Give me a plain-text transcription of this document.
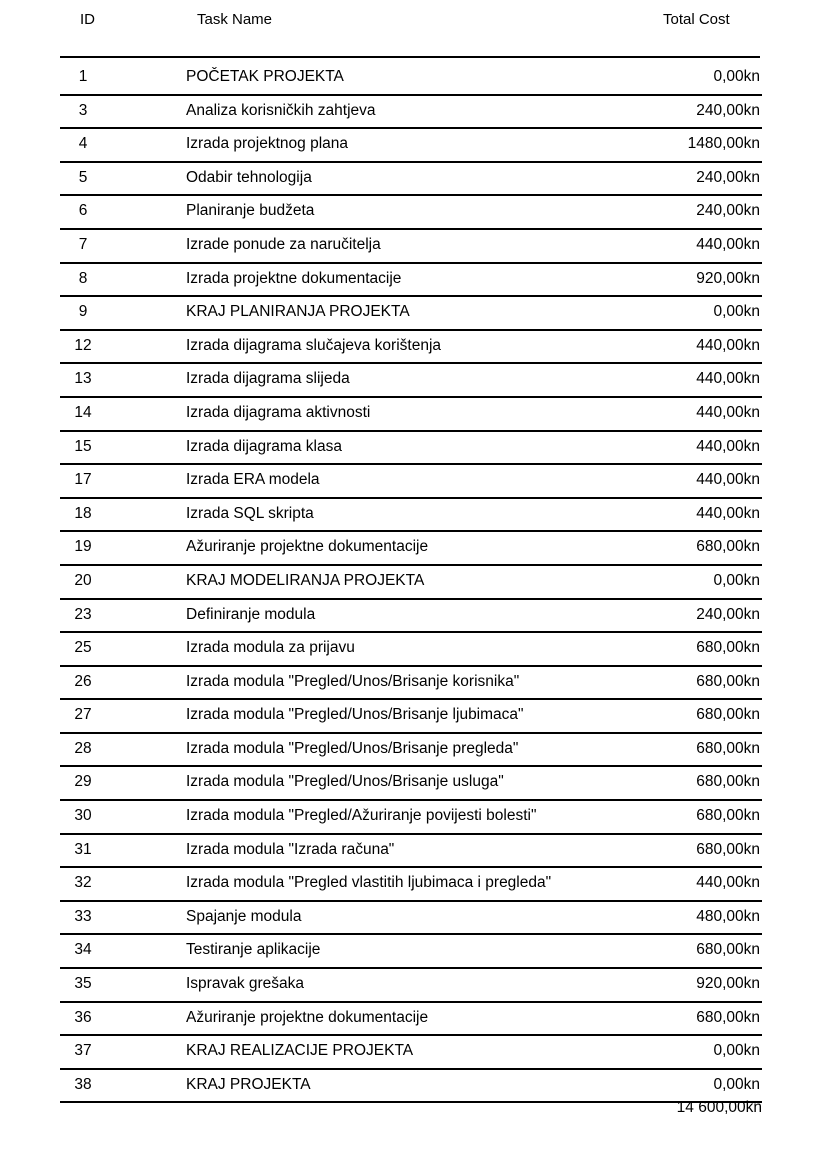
ID	Task Name	Total Cost
1	POČETAK PROJEKTA	0,00kn
3	Analiza korisničkih zahtjeva	240,00kn
4	Izrada projektnog plana	1480,00kn
5	Odabir tehnologija	240,00kn
6	Planiranje budžeta	240,00kn
7	Izrade ponude za naručitelja	440,00kn
8	Izrada projektne dokumentacije	920,00kn
9	KRAJ PLANIRANJA PROJEKTA	0,00kn
12	Izrada dijagrama slučajeva korištenja	440,00kn
13	Izrada dijagrama slijeda	440,00kn
14	Izrada dijagrama aktivnosti	440,00kn
15	Izrada dijagrama klasa	440,00kn
17	Izrada ERA modela	440,00kn
18	Izrada SQL skripta	440,00kn
19	Ažuriranje projektne dokumentacije	680,00kn
20	KRAJ MODELIRANJA PROJEKTA	0,00kn
23	Definiranje modula	240,00kn
25	Izrada modula za prijavu	680,00kn
26	Izrada modula "Pregled/Unos/Brisanje korisnika"	680,00kn
27	Izrada modula "Pregled/Unos/Brisanje ljubimaca"	680,00kn
28	Izrada modula "Pregled/Unos/Brisanje pregleda"	680,00kn
29	Izrada modula "Pregled/Unos/Brisanje usluga"	680,00kn
30	Izrada modula "Pregled/Ažuriranje povijesti bolesti"	680,00kn
31	Izrada modula "Izrada računa"	680,00kn
32	Izrada modula "Pregled vlastitih ljubimaca i pregleda"	440,00kn
33	Spajanje modula	480,00kn
34	Testiranje aplikacije	680,00kn
35	Ispravak grešaka	920,00kn
36	Ažuriranje projektne dokumentacije	680,00kn
37	KRAJ REALIZACIJE PROJEKTA	0,00kn
38	KRAJ PROJEKTA	0,00kn
14 600,00kn
